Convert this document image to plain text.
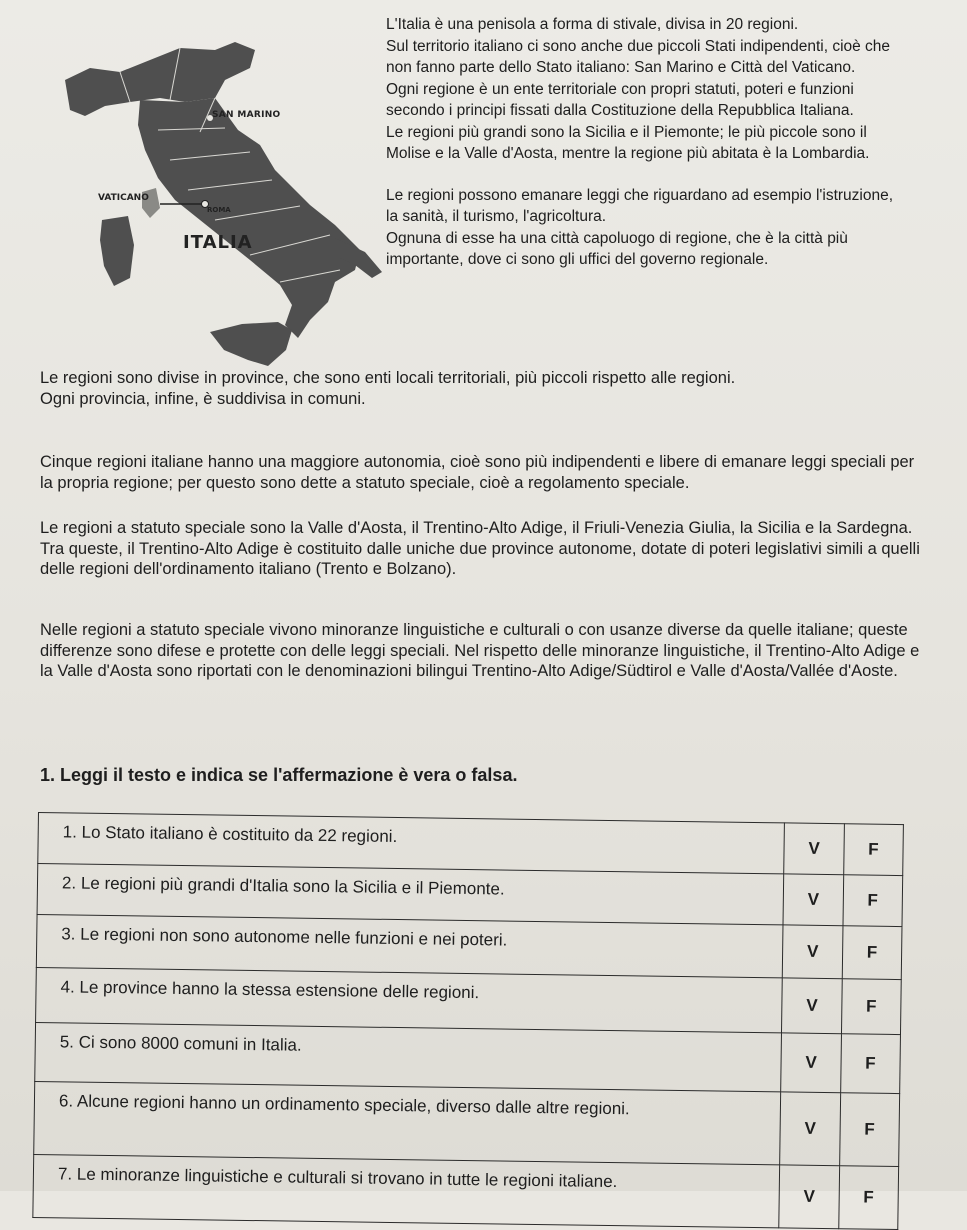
SAN MARINO
VATICANO
ROMA
ITALIA

L'Italia è una penisola a forma di stivale, divisa in 20 regioni.

Sul territorio italiano ci sono anche due piccoli Stati indipendenti, cioè che non fanno parte dello Stato italiano: San Marino e Città del Vaticano.

Ogni regione è un ente territoriale con propri statuti, poteri e funzioni secondo i principi fissati dalla Costituzione della Repubblica Italiana.

Le regioni più grandi sono la Sicilia e il Piemonte; le più piccole sono il Molise e la Valle d'Aosta, mentre la regione più abitata è la Lombardia.

Le regioni possono emanare leggi che riguardano ad esempio l'istruzione, la sanità, il turismo, l'agricoltura.

Ognuna di esse ha una città capoluogo di regione, che è la città più importante, dove ci sono gli uffici del governo regionale.

Le regioni sono divise in province, che sono enti locali territoriali, più piccoli rispetto alle regioni.

Ogni provincia, infine, è suddivisa in comuni.

Cinque regioni italiane hanno una maggiore autonomia, cioè sono più indipendenti e libere di emanare leggi speciali per la propria regione; per questo sono dette a statuto speciale, cioè a regolamento speciale.

Le regioni a statuto speciale sono la Valle d'Aosta, il Trentino-Alto Adige, il Friuli-Venezia Giulia, la Sicilia e la Sardegna. Tra queste, il Trentino-Alto Adige è costituito dalle uniche due province autonome, dotate di poteri legislativi simili a quelli delle regioni dell'ordinamento italiano (Trento e Bolzano).

Nelle regioni a statuto speciale vivono minoranze linguistiche e culturali o con usanze diverse da quelle italiane; queste differenze sono difese e protette con delle leggi speciali. Nel rispetto delle minoranze linguistiche, il Trentino-Alto Adige e la Valle d'Aosta sono riportati con le denominazioni bilingui Trentino-Alto Adige/Südtirol e Valle d'Aosta/Vallée d'Aoste.

1. Leggi il testo e indica se l'affermazione è vera o falsa.
1. Lo Stato italiano è costituito da 22 regioni.	V	F
2. Le regioni più grandi d'Italia sono la Sicilia e il Piemonte.	V	F
3. Le regioni non sono autonome nelle funzioni e nei poteri.	V	F
4. Le province hanno la stessa estensione delle regioni.	V	F
5. Ci sono 8000 comuni in Italia.	V	F
6. Alcune regioni hanno un ordinamento speciale, diverso dalle altre regioni.	V	F
7. Le minoranze linguistiche e culturali si trovano in tutte le regioni italiane.	V	F
